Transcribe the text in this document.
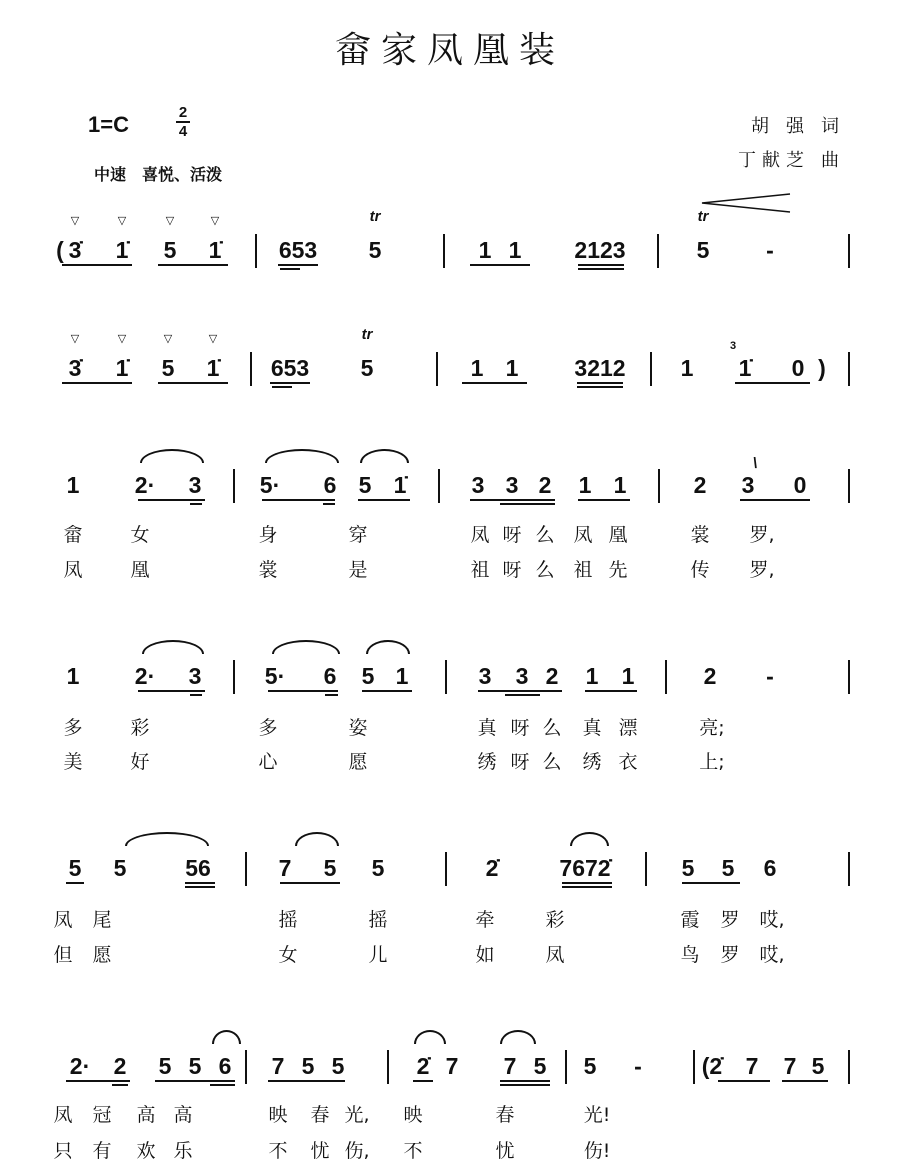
畲家凤凰装
1=C	2
4
中速　喜悦、活泼
胡 强 词
丁献芝 曲
( 3̇ 1̇ 5 1̇ 653 5	1 1 2123	5 -
▽	▽	▽	▽	tr	tr
3̇ 1̇ 5 1̇ 653 5	1 1 3212 1 1̇ 0 )
▽	▽	▽	▽	tr
3
1 2· 3	5· 6 5 1̇	3 3 2 1 1	2 3 0
\
畲	女	身	穿	凤 呀 么 凤 凰	裳 罗,
凤	凰	裳	是	祖 呀 么 祖 先	传 罗,
1 2· 3	5· 6 5 1	3 3 2 1 1	2 -
多	彩	多	姿	真 呀 么 真 漂	亮;
美	好	心	愿	绣 呀 么 绣 衣	上;
5 5	56	7 5 5	2̇	7672̇	5 5 6
凤 尾	摇	摇	牵	彩	霞 罗 哎,
但 愿	女	儿	如	凤	鸟 罗 哎,
2· 2 5 5 6 7 5 5	2̇ 7 7 5 5 -	(2̇ 7 7 5
凤 冠 高 高	映 春 光, 映	春	光!
只 有 欢 乐	不 忧 伤, 不	忧	伤!
